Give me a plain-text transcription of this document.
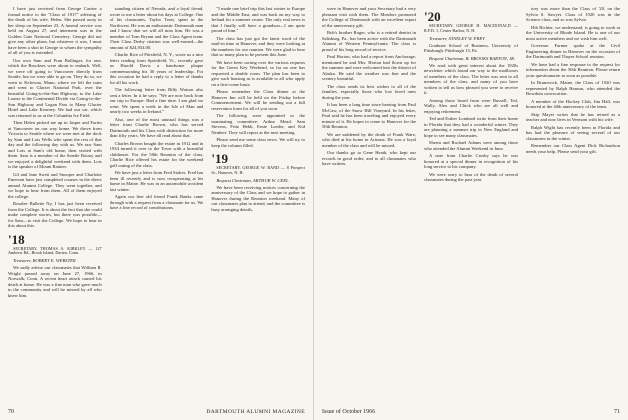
I have just received from George Carrier a formal notice to the "Class of 1917" advising of the death of his wife, Helen. She passed away in her sleep on September 23. A funeral service was held on August 27, and interment was in the Golden Gate National Cemetery. George did not give any other plans, but whatever it was, I must have been a shot in George to whom the sympathy of all of you is extended.

Our own Sam and Fran Bollinger, for one, which the Brookses were about to embark. Well, we were off going to Vancouver directly from Seattle, but we were able to go on. They do so, we went to Kelowna, Manu, where we left the train and went to Glacier National Park, over the beautiful Going-to-the-Sun Highway, to the Lake Louise to the Continental Divide via Going-to-the-Sun Highway and Logan Pass to Many Glacier Hotel and Lake Kearney. We had our car, which was returned to us at the Columbia Ice Field.

Then Helen picked me up in Jasper and Fortin at Vancouver on our way home. We drove from Victoria to Seattle where we were met at the dock by Sam and Lois Wells who spent the rest of that day and the following day with us. We saw Sam and Lois at Sam's old home, then visited with them. Sam is a member of the Seattle Rotary and we enjoyed a delightful weekend with them. Lois is the speaker of Mount Rainier.

Gil and Jane Swett and Snooper and Charlotte Emerson have just completed courses in the direct annual Alumni College. They went together, and we hope to hear from them. All of them enjoyed the college.

Rosalee Bullette Ny, I has just been received from the College. It is about the fact that she could make complete stories, but there was possible—for Sam—to visit the College. We hope to hear in this about this.

'18

SECRETARY, THOMAS A. KIRKLEY — 127 Amherst Rd., Brook Island, Darien, Conn.

Treasurer, ROBERT E. WEBSTER

We sadly advise our classmates that William R. Wright passed away on June 27, 1966, in Norwalk, Conn. A recent heart attack caused his death at home. He was a fine man who gave much to the community and will be missed by all who knew him.

standing citizen of Nevada, and a loyal friend, wrote to me a letter about his days at College. One of his classmates, Taylor Treat, spent in the Northwest. He was an enthusiastic Dartmouth man and I know that we will all miss him. He was a member of Tom Bryant and the Class Agent team. Their Class Derby citation was well-earned—the amount of $24,934.00.

Charlie Rice of Pittsfield, N. Y., wrote us a nice letter reading from Sprinfield, Vt., recently gave us Harold Davis a handsome plaque commemorating his 30 years of leadership. For this occasion he had a reply to a letter of thanks for all his work.

The following letter from Billy Watson also sent a letter. In it he says: "We are now back from our trip to Europe. Had a fine time. I am glad we went. We spent a week in the Isle of Man and nearly two weeks in Ireland."

Also, one of the most unusual things was a letter from Charlie Brown, who has served Dartmouth and his Class with distinction for more than fifty years. We have all read about that.

Charles Brown bought the estate in 1912 and in 1934 turned it over to the Town with a beautiful clubhouse. For the 50th Reunion of the class, Charlie Rice offered his estate for the weekend golf outing of the class.

We have just a letter from Fred Stokes. Fred has been ill recently and is now recuperating at his home in Maine. He was in an automobile accident last winter.

Again our fine old friend Frank Banks came through with a request from a classmate for us. We have a fine record of contributions.

"I made one brief trip this last winter to Europe and the Middle East, and was back on my way to Ireland for a summer cruise. The only real news is that I finally will have a grandson—I am quite proud of him."

The class has just got the latest word of the mail-in time at Hanover, and they were looking at the numbers for our reunion. We were glad to hear that so many plan to be present this June.

We have been sorting over the various requests for the Green Key Weekend, so far no one has requested a double room. The plan has been to give such housing as is available to all who apply on a first-come basis.

Please remember the Class dinner at the Hanover Inn will be held on the Friday before Commencement. We will be sending out a full reservation form for all of you soon.

The following were appointed to the nominating committee: Arthur Mead, Sam Stevens, Fritz Hebb, Ernie Lueder, and Kid Neubert. They will report at the next meeting.

Please send me some class news. We will try to keep the column filled.

'19

SECRETARY, GEORGE W. RAND — 8 Prospect St., Hanover, N. H.

Bequest Chairman, ARTHUR W. CEEL

We have been receiving notices concerning the anniversary of the Class and we hope to gather in Hanover during the Reunion weekend. Many of our classmates plan to attend, and the committee is busy arranging details.

70	DARTMOUTH ALUMNI MAGAZINE

were in Hanover and your Secretary had a very pleasant visit with them. The Meadors promoted the College of Dartmouth with an excellent report of the anniversary gift.

Bob's brother Roger, who is a retired dentist in Saltsburg, Pa., has been active with the Dartmouth Alumni of Western Pennsylvania. The class is proud of his long record of service.

Paul Horton, who had a report from Anchorage, mentioned he and Mrs. Horton had flown up for the summer and were welcomed into the district of Alaska. He said the weather was fine and the scenery beautiful.

The class sends its best wishes to all of the families, especially those who lost loved ones during the year.

It has been a long time since hearing from Paul McCaw, of the Snow Hill Vineyard. In his letter, Paul said he has been traveling and enjoyed every minute of it. He hopes to come to Hanover for the 50th Reunion.

We are saddened by the death of Frank Ware, who died at his home in Arizona. He was a loyal member of the class and will be missed.

Our thanks go to Gene Heath, who kept our records in good order, and to all classmates who have written.

'20

SECRETARY, GEORGE H. MACDONALD — R.F.D. 1, Center Harbor, N. H.

Treasurer, STANLEY W. FREY

Graduate School of Business, University of Pittsburgh, Pittsburgh 13, Pa.

Bequest Chairman, B. BROOKS BARTON, JR.

We read with great interest about the 1920s newsletter which found our way to the mailboxes of members of the class. The letter was sent to all members of the class, and many of you have written to tell us how pleased you were to receive it.

Among those heard from were Russell, Ted, Wally, Alex and Chick who are all well and enjoying retirement.

Ted and Esther Lombard write from their home in Florida that they had a wonderful winter. They are planning a summer trip to New England and hope to see many classmates.

Sherm and Rachael Adams were among those who attended the Alumni Weekend in June.

A note from Charlie Crosby says he was honored at a special dinner in recognition of his long service to his company.

We were sorry to hear of the death of several classmates during the past year.

tory was more than the Class of '20, on the Sylvia S. Sawyer. Class of 1920 was in the Science class, and so was Sylvia.

Hib Richter, we understand, is going to work at the University of Rhode Island. He is one of our most active members and we wish him well.

Governor Farmer spoke at the Civil Engineering dinner in Hanover on the occasion of the Dartmouth and Thayer School reunion.

We have had a fine response to the request for information about the 50th Reunion. Please return your questionnaire as soon as possible.

In Brunswick, Maine, the Class of 1920 was represented by Ralph Hanson, who attended the Bowdoin convocation.

A member of the Hockey Club, Jim Hall, was honored at the 40th anniversary of the team.

Skip Mayer writes that he has retired as a teacher and now lives in Vermont with his wife.

Ralph Wight has recently been in Florida and has had the pleasure of seeing several of our classmates in the winter.

Remember our Class Agent Dick Richardson needs your help. Please send your gift.

Issue of October 1966	71
